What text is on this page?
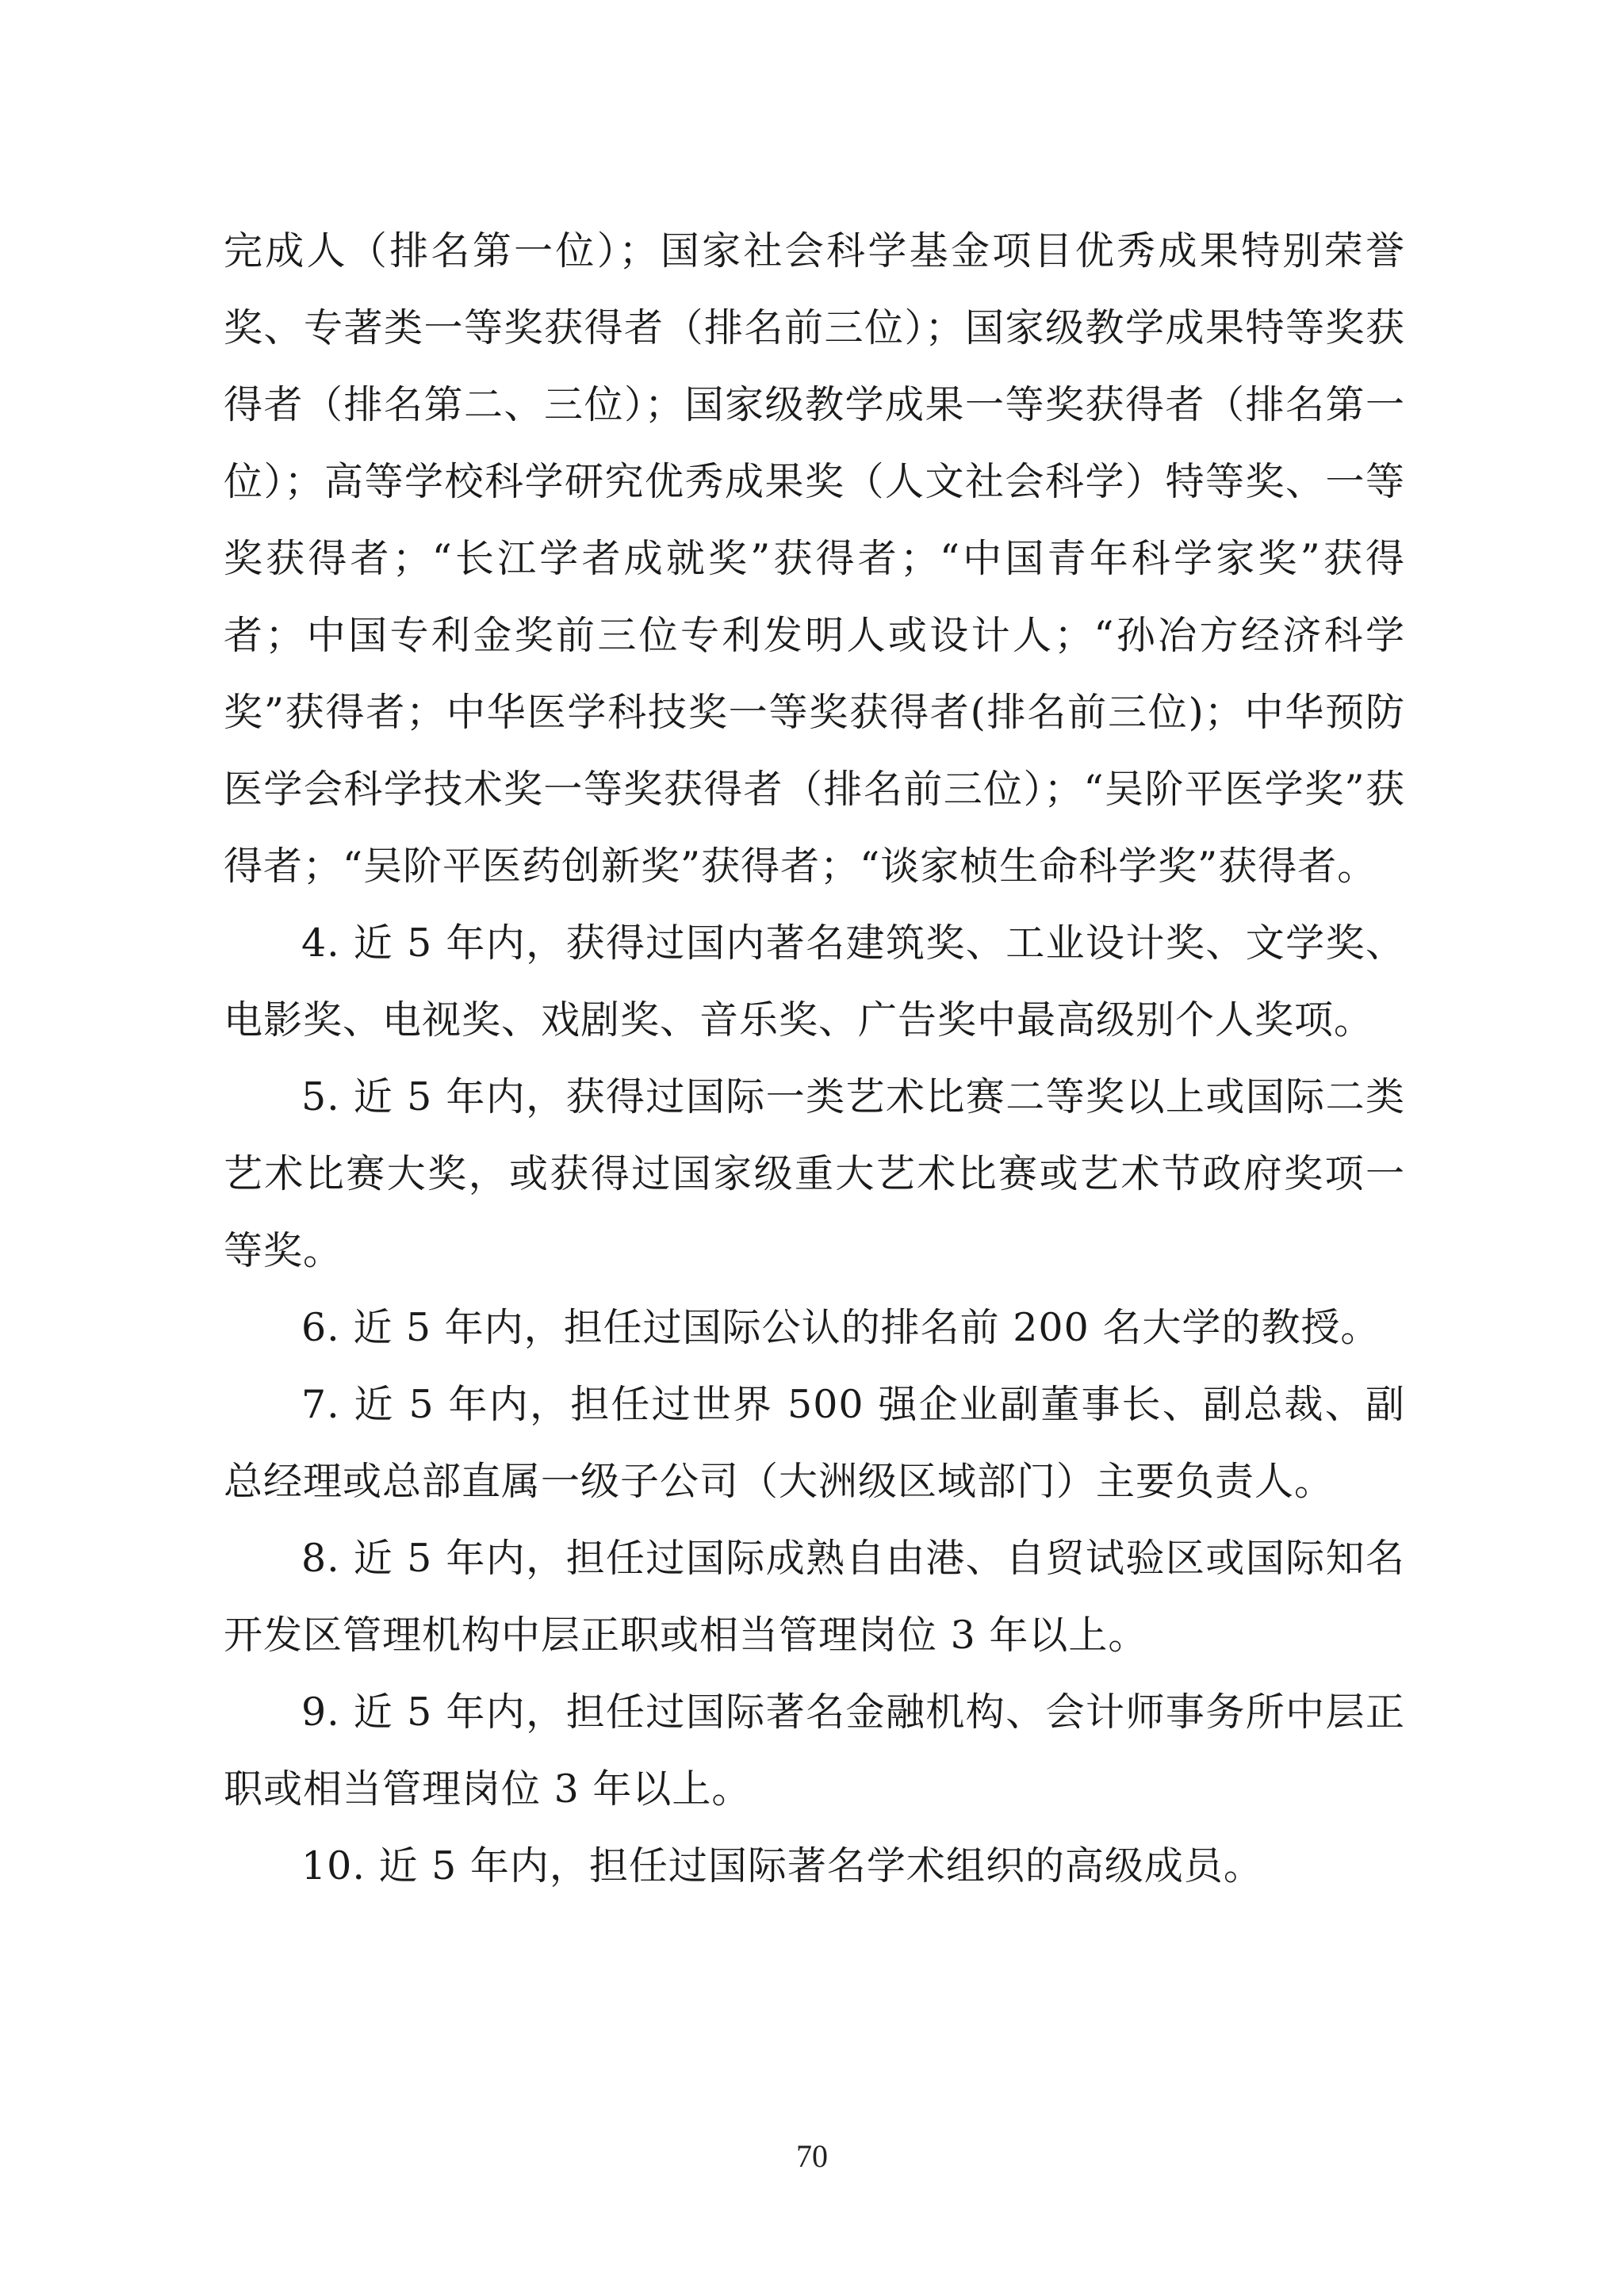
完成人（排名第一位）；国家社会科学基金项目优秀成果特别荣誉奖、专著类一等奖获得者（排名前三位）；国家级教学成果特等奖获得者（排名第二、三位）；国家级教学成果一等奖获得者（排名第一位）；高等学校科学研究优秀成果奖（人文社会科学）特等奖、一等奖获得者；“长江学者成就奖”获得者；“中国青年科学家奖”获得者；中国专利金奖前三位专利发明人或设计人；“孙冶方经济科学奖”获得者；中华医学科技奖一等奖获得者(排名前三位)；中华预防医学会科学技术奖一等奖获得者（排名前三位）；“吴阶平医学奖”获得者；“吴阶平医药创新奖”获得者；“谈家桢生命科学奖”获得者。

4. 近 5 年内，获得过国内著名建筑奖、工业设计奖、文学奖、电影奖、电视奖、戏剧奖、音乐奖、广告奖中最高级别个人奖项。

5. 近 5 年内，获得过国际一类艺术比赛二等奖以上或国际二类艺术比赛大奖，或获得过国家级重大艺术比赛或艺术节政府奖项一等奖。

6. 近 5 年内，担任过国际公认的排名前 200 名大学的教授。

7. 近 5 年内，担任过世界 500 强企业副董事长、副总裁、副总经理或总部直属一级子公司（大洲级区域部门）主要负责人。

8. 近 5 年内，担任过国际成熟自由港、自贸试验区或国际知名开发区管理机构中层正职或相当管理岗位 3 年以上。

9. 近 5 年内，担任过国际著名金融机构、会计师事务所中层正职或相当管理岗位 3 年以上。

10. 近 5 年内，担任过国际著名学术组织的高级成员。

70
